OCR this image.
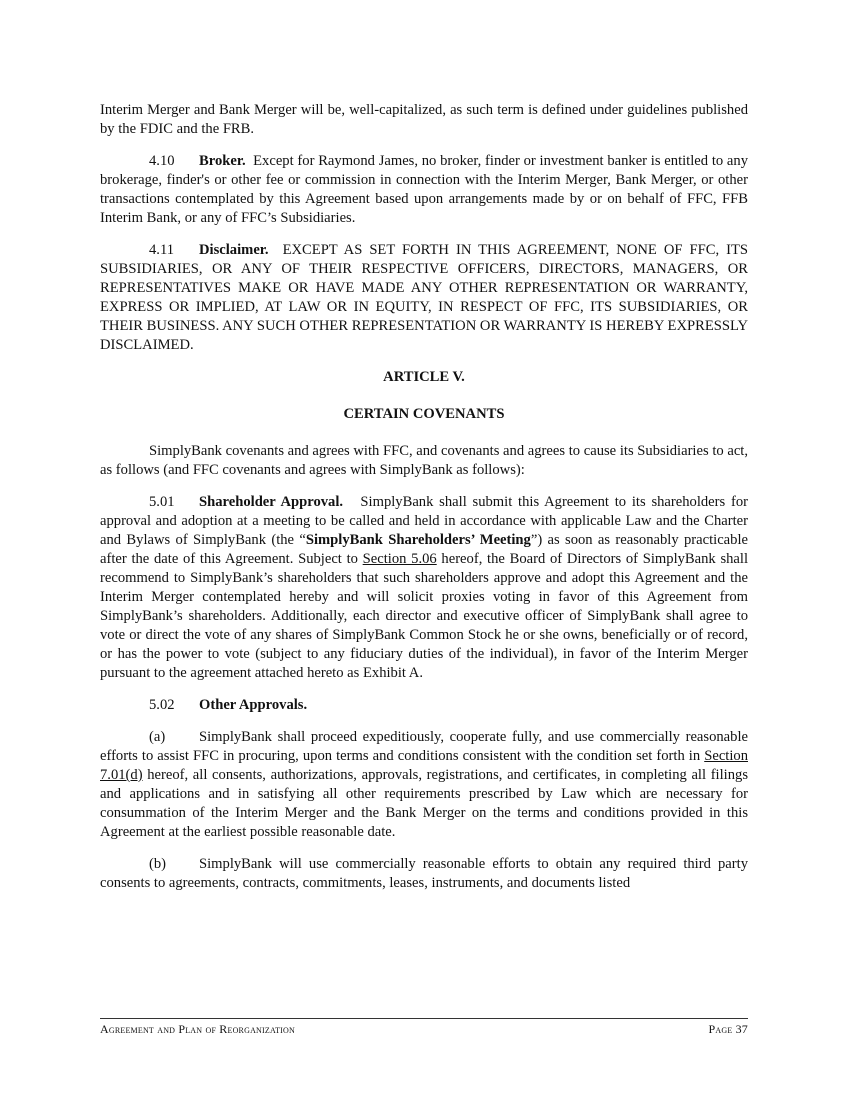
Interim Merger and Bank Merger will be, well-capitalized, as such term is defined under guidelines published by the FDIC and the FRB.

4.10 Broker. Except for Raymond James, no broker, finder or investment banker is entitled to any brokerage, finder's or other fee or commission in connection with the Interim Merger, Bank Merger, or other transactions contemplated by this Agreement based upon arrangements made by or on behalf of FFC, FFB Interim Bank, or any of FFC’s Subsidiaries.

4.11 Disclaimer. EXCEPT AS SET FORTH IN THIS AGREEMENT, NONE OF FFC, ITS SUBSIDIARIES, OR ANY OF THEIR RESPECTIVE OFFICERS, DIRECTORS, MANAGERS, OR REPRESENTATIVES MAKE OR HAVE MADE ANY OTHER REPRESENTATION OR WARRANTY, EXPRESS OR IMPLIED, AT LAW OR IN EQUITY, IN RESPECT OF FFC, ITS SUBSIDIARIES, OR THEIR BUSINESS. ANY SUCH OTHER REPRESENTATION OR WARRANTY IS HEREBY EXPRESSLY DISCLAIMED.

ARTICLE V.

CERTAIN COVENANTS

SimplyBank covenants and agrees with FFC, and covenants and agrees to cause its Subsidiaries to act, as follows (and FFC covenants and agrees with SimplyBank as follows):

5.01 Shareholder Approval. SimplyBank shall submit this Agreement to its shareholders for approval and adoption at a meeting to be called and held in accordance with applicable Law and the Charter and Bylaws of SimplyBank (the “SimplyBank Shareholders’ Meeting”) as soon as reasonably practicable after the date of this Agreement. Subject to Section 5.06 hereof, the Board of Directors of SimplyBank shall recommend to SimplyBank’s shareholders that such shareholders approve and adopt this Agreement and the Interim Merger contemplated hereby and will solicit proxies voting in favor of this Agreement from SimplyBank’s shareholders. Additionally, each director and executive officer of SimplyBank shall agree to vote or direct the vote of any shares of SimplyBank Common Stock he or she owns, beneficially or of record, or has the power to vote (subject to any fiduciary duties of the individual), in favor of the Interim Merger pursuant to the agreement attached hereto as Exhibit A.

5.02 Other Approvals.

(a) SimplyBank shall proceed expeditiously, cooperate fully, and use commercially reasonable efforts to assist FFC in procuring, upon terms and conditions consistent with the condition set forth in Section 7.01(d) hereof, all consents, authorizations, approvals, registrations, and certificates, in completing all filings and applications and in satisfying all other requirements prescribed by Law which are necessary for consummation of the Interim Merger and the Bank Merger on the terms and conditions provided in this Agreement at the earliest possible reasonable date.

(b) SimplyBank will use commercially reasonable efforts to obtain any required third party consents to agreements, contracts, commitments, leases, instruments, and documents listed

Agreement and Plan of Reorganization	Page 37
